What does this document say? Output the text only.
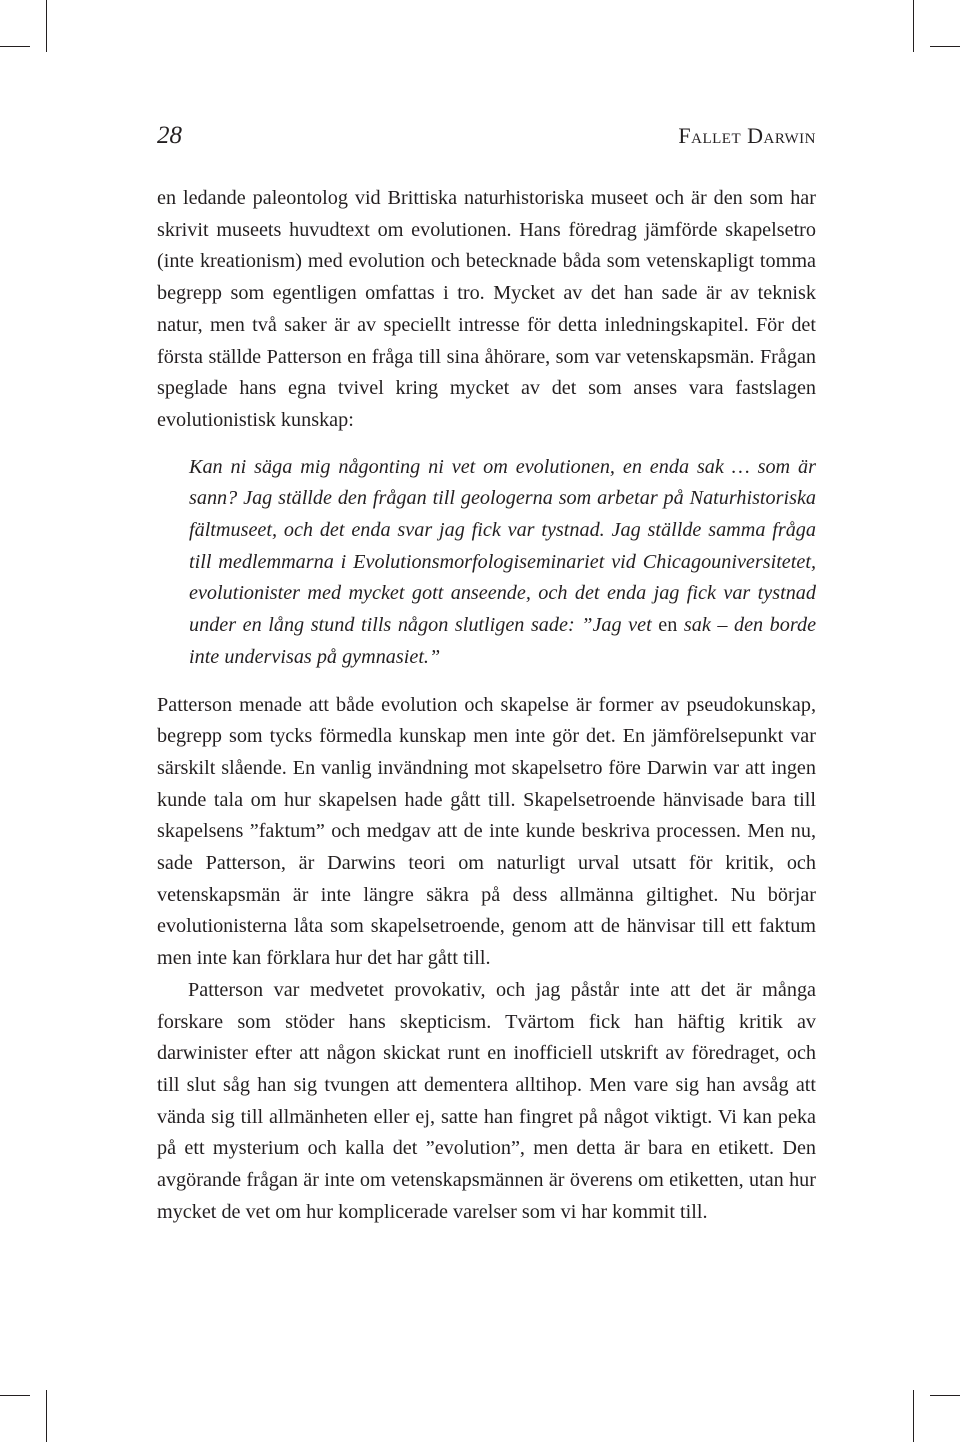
28	Fallet Darwin

en ledande paleontolog vid Brittiska naturhistoriska museet och är den som har skrivit museets huvudtext om evolutionen. Hans föredrag jämförde skapelsetro (inte kreationism) med evolution och betecknade båda som vetenskapligt tomma begrepp som egentligen omfattas i tro. Mycket av det han sade är av teknisk natur, men två saker är av speciellt intresse för detta inledningskapitel. För det första ställde Patterson en fråga till sina åhörare, som var vetenskapsmän. Frågan speglade hans egna tvivel kring mycket av det som anses vara fastslagen evolutionistisk kunskap:

Kan ni säga mig någonting ni vet om evolutionen, en enda sak … som är sann? Jag ställde den frågan till geologerna som arbetar på Naturhistoriska fältmuseet, och det enda svar jag fick var tystnad. Jag ställde samma fråga till medlemmarna i Evolutionsmorfologiseminariet vid Chicagouniversitetet, evolutionister med mycket gott anseende, och det enda jag fick var tystnad under en lång stund tills någon slutligen sade: ”Jag vet en sak – den borde inte undervisas på gymnasiet.”

Patterson menade att både evolution och skapelse är former av pseudokunskap, begrepp som tycks förmedla kunskap men inte gör det. En jämförelsepunkt var särskilt slående. En vanlig invändning mot skapelsetro före Darwin var att ingen kunde tala om hur skapelsen hade gått till. Skapelsetroende hänvisade bara till skapelsens ”faktum” och medgav att de inte kunde beskriva processen. Men nu, sade Patterson, är Darwins teori om naturligt urval utsatt för kritik, och vetenskapsmän är inte längre säkra på dess allmänna giltighet. Nu börjar evolutionisterna låta som skapelsetroende, genom att de hänvisar till ett faktum men inte kan förklara hur det har gått till.

Patterson var medvetet provokativ, och jag påstår inte att det är många forskare som stöder hans skepticism. Tvärtom fick han häftig kritik av darwinister efter att någon skickat runt en inofficiell utskrift av föredraget, och till slut såg han sig tvungen att dementera alltihop. Men vare sig han avsåg att vända sig till allmänheten eller ej, satte han fingret på något viktigt. Vi kan peka på ett mysterium och kalla det ”evolution”, men detta är bara en etikett. Den avgörande frågan är inte om vetenskapsmännen är överens om etiketten, utan hur mycket de vet om hur komplicerade varelser som vi har kommit till.
